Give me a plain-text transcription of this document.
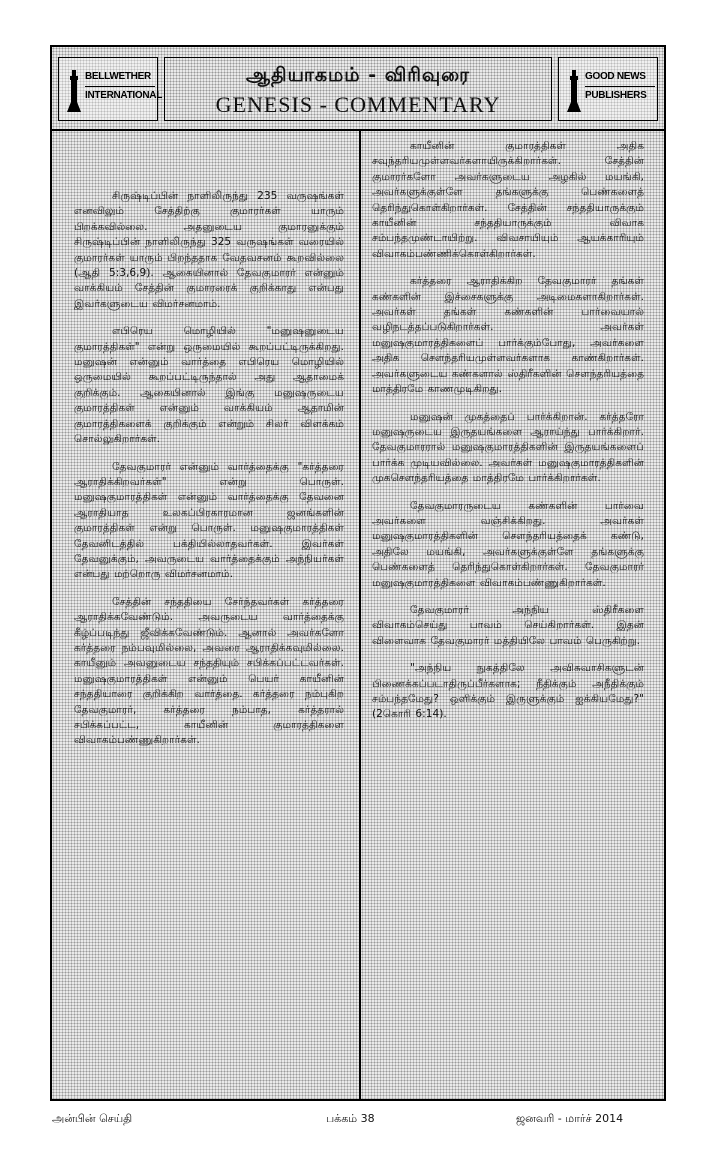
BELLWETHER
INTERNATIONAL
ஆதியாகமம் - விரிவுரை
GENESIS - COMMENTARY
GOOD NEWS
PUBLISHERS

சிருஷ்டிப்பின் நாளிலிருந்து 235 வருஷங்கள் எனவிலும் சேத்திற்கு குமாரர்கள் யாரும் பிறக்கவில்லை. அதனுடைய குமாரனுக்கும் சிருஷ்டிப்பின் நாளிலிருந்து 325 வருஷங்கள் வரையில் குமாரர்கள் யாரும் பிறந்ததாக வேதவசனம் கூறவில்லை (ஆதி 5:3,6,9). ஆகையினால் தேவகுமாரர் என்னும் வாக்கியம் சேத்தின் குமாரரைக் குறிக்காது என்பது இவர்களுடைய விமர்சனமாம்.

எபிரெய மொழியில் "மனுஷனுடைய குமாரத்திகள்" என்று ஒருமையில் கூறப்பட்டிருக்கிறது. மனுஷன் என்னும் வார்த்தை எபிரெய மொழியில் ஒருமையில் கூறப்பட்டிருந்தால் அது ஆதாமைக் குறிக்கும். ஆகையினால் இங்கு மனுஷருடைய குமாரத்திகள் என்னும் வாக்கியம் ஆதாமின் குமாரத்திகளைக் குறிக்கும் என்றும் சிலர் விளக்கம் சொல்லுகிறார்கள்.

தேவகுமாரர் என்னும் வார்த்தைக்கு "கர்த்தரை ஆராதிக்கிறவர்கள்" என்று பொருள். மனுஷகுமாரத்திகள் என்னும் வார்த்தைக்கு தேவனை ஆராதியாத உலகப்பிரகாரமான ஜனங்களின் குமாரத்திகள் என்று பொருள். மனுஷகுமாரத்திகள் தேவனிடத்தில் பக்தியில்லாதவர்கள். இவர்கள் தேவனுக்கும், அவருடைய வார்த்தைக்கும் அந்நியர்கள் என்பது மற்றொரு விமர்சனமாம்.

சேத்தின் சந்ததியை சேர்ந்தவர்கள் கர்த்தரை ஆராதிக்கவேண்டும். அவருடைய வார்த்தைக்கு கீழ்ப்படிந்து ஜீவிக்கவேண்டும். ஆனால் அவர்களோ கர்த்தரை நம்பவுமில்லை, அவரை ஆராதிக்கவுமில்லை. காயீனும் அவனுடைய சந்ததியும் சபிக்கப்பட்டவர்கள். மனுஷகுமாரத்திகள் என்னும் பெயர் காயீனின் சந்ததியாரை குறிக்கிற வார்த்தை. கர்த்தரை நம்புகிற தேவகுமாரர், கர்த்தரை நம்பாத, கர்த்தரால் சபிக்கப்பட்ட, காயீனின் குமாரத்திகளை விவாகம்பண்ணுகிறார்கள்.

காயீனின் குமாரத்திகள் அதிக சவுந்தரியமுள்ளவர்களாயிருக்கிறார்கள். சேத்தின் குமாரர்களோ அவர்களுடைய அழகில் மயங்கி, அவர்களுக்குள்ளே தங்களுக்கு பெண்களைத் தெரிந்துகொள்கிறார்கள். சேத்தின் சந்ததியாருக்கும் காயீனின் சந்ததியாருக்கும் விவாக சம்பந்தமுண்டாயிற்று. விவசாயியும் ஆயக்காரியும் விவாகம்பண்ணிக்கொள்கிறார்கள்.

கர்த்தரை ஆராதிக்கிற தேவகுமாரர் தங்கள் கண்களின் இச்சைகளுக்கு அடிமைகளாகிறார்கள். அவர்கள் தங்கள் கண்களின் பார்வையால் வழிநடத்தப்படுகிறார்கள். அவர்கள் மனுஷகுமாரத்திகளைப் பார்க்கும்போது, அவர்களை அதிக சௌந்தரியமுள்ளவர்களாக காண்கிறார்கள். அவர்களுடைய கண்களால் ஸ்திரீகளின் சௌந்தரியத்தை மாத்திரமே காணமுடிகிறது.

மனுஷன் முகத்தைப் பார்க்கிறான். கர்த்தரோ மனுஷருடைய இருதயங்களை ஆராய்ந்து பார்க்கிறார். தேவகுமாரரால் மனுஷகுமாரத்திகளின் இருதயங்களைப் பார்க்க முடியவில்லை. அவர்கள் மனுஷகுமாரத்திகளின் முகசௌந்தரியத்தை மாத்திரமே பார்க்கிறார்கள்.

தேவகுமாரருடைய கண்களின் பார்வை அவர்களை வஞ்சிக்கிறது. அவர்கள் மனுஷகுமாரத்திகளின் சௌந்தரியத்தைக் கண்டு, அதிலே மயங்கி, அவர்களுக்குள்ளே தங்களுக்கு பெண்களைத் தெரிந்துகொள்கிறார்கள். தேவகுமாரர் மனுஷகுமாரத்திகளை விவாகம்பண்ணுகிறார்கள்.

தேவகுமாரர் அந்நிய ஸ்திரீகளை விவாகம்செய்து பாவம் செய்கிறார்கள். இதன் விளைவாக தேவகுமாரர் மத்தியிலே பாவம் பெருகிற்று.

"அந்நிய நுகத்திலே அவிசுவாசிகளுடன் பிணைக்கப்படாதிருப்பீர்களாக; நீதிக்கும் அநீதிக்கும் சம்பந்தமேது? ஒளிக்கும் இருளுக்கும் ஐக்கியமேது?" (2கொரி 6:14).

அன்பின் செய்தி	பக்கம் 38	ஜனவரி - மார்ச் 2014
